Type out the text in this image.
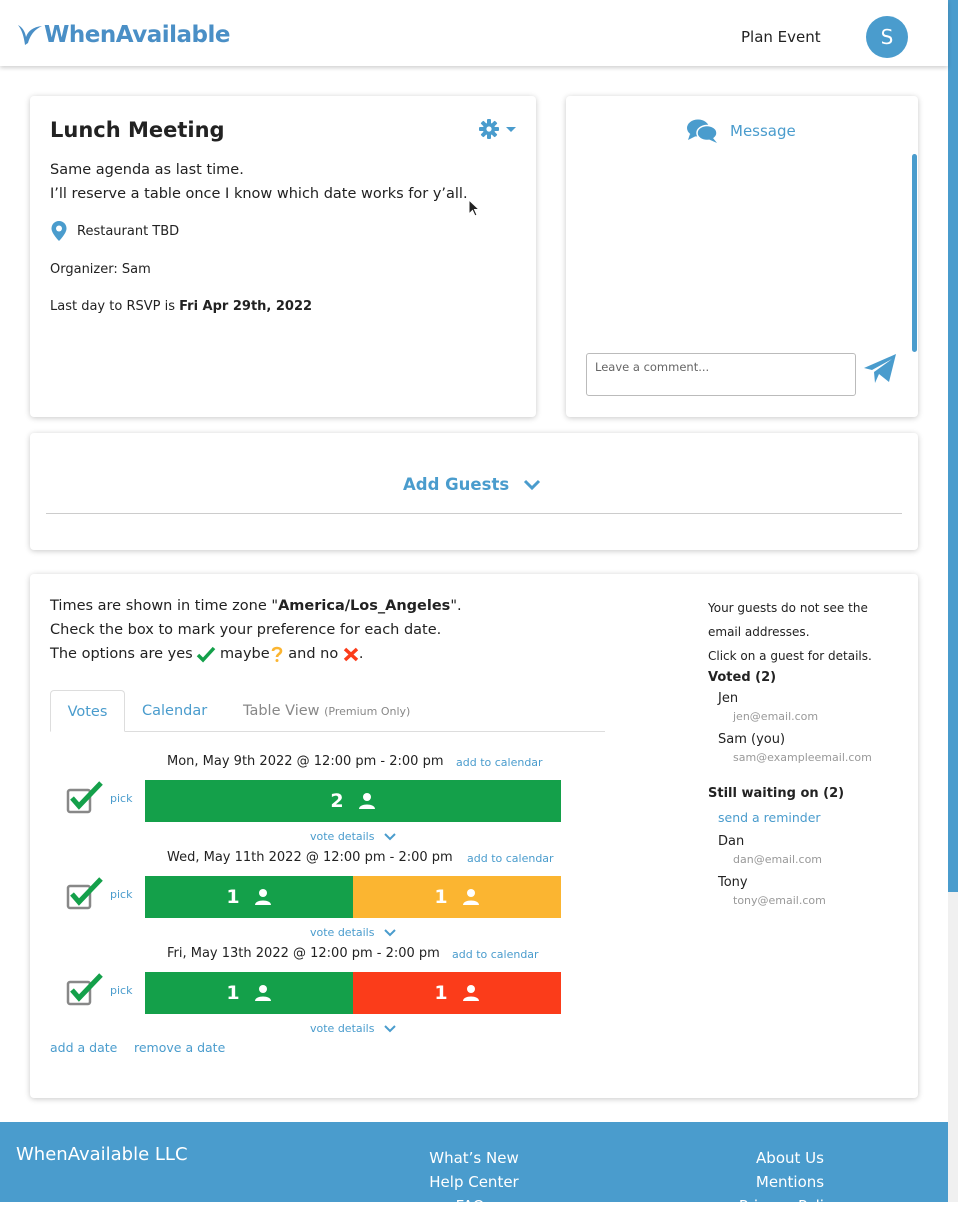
WhenAvailable	Plan Event	S
Lunch Meeting
Same agenda as last time.
I’ll reserve a table once I know which date works for y’all.
Restaurant TBD
Organizer: Sam
Last day to RSVP is Fri Apr 29th, 2022
Message
Leave a comment...
Add Guests
Times are shown in time zone "America/Los_Angeles".
Check the box to mark your preference for each date.
The options are yes maybe and no .
Votes	Calendar	Table View (Premium Only)
Mon, May 9th 2022 @ 12:00 pm - 2:00 pm add to calendar
pick	2
vote details
Wed, May 11th 2022 @ 12:00 pm - 2:00 pm add to calendar
pick	1	1
vote details
Fri, May 13th 2022 @ 12:00 pm - 2:00 pm add to calendar
pick	1	1
vote details
add a date remove a date
Your guests do not see the
email addresses.
Click on a guest for details.
Voted (2)
Jen
jen@email.com
Sam (you)
sam@exampleemail.com
Still waiting on (2)
send a reminder
Dan
dan@email.com
Tony
tony@email.com
WhenAvailable LLC	What’s New
Help Center
FAQs
About Us
Mentions
Privacy Policy
